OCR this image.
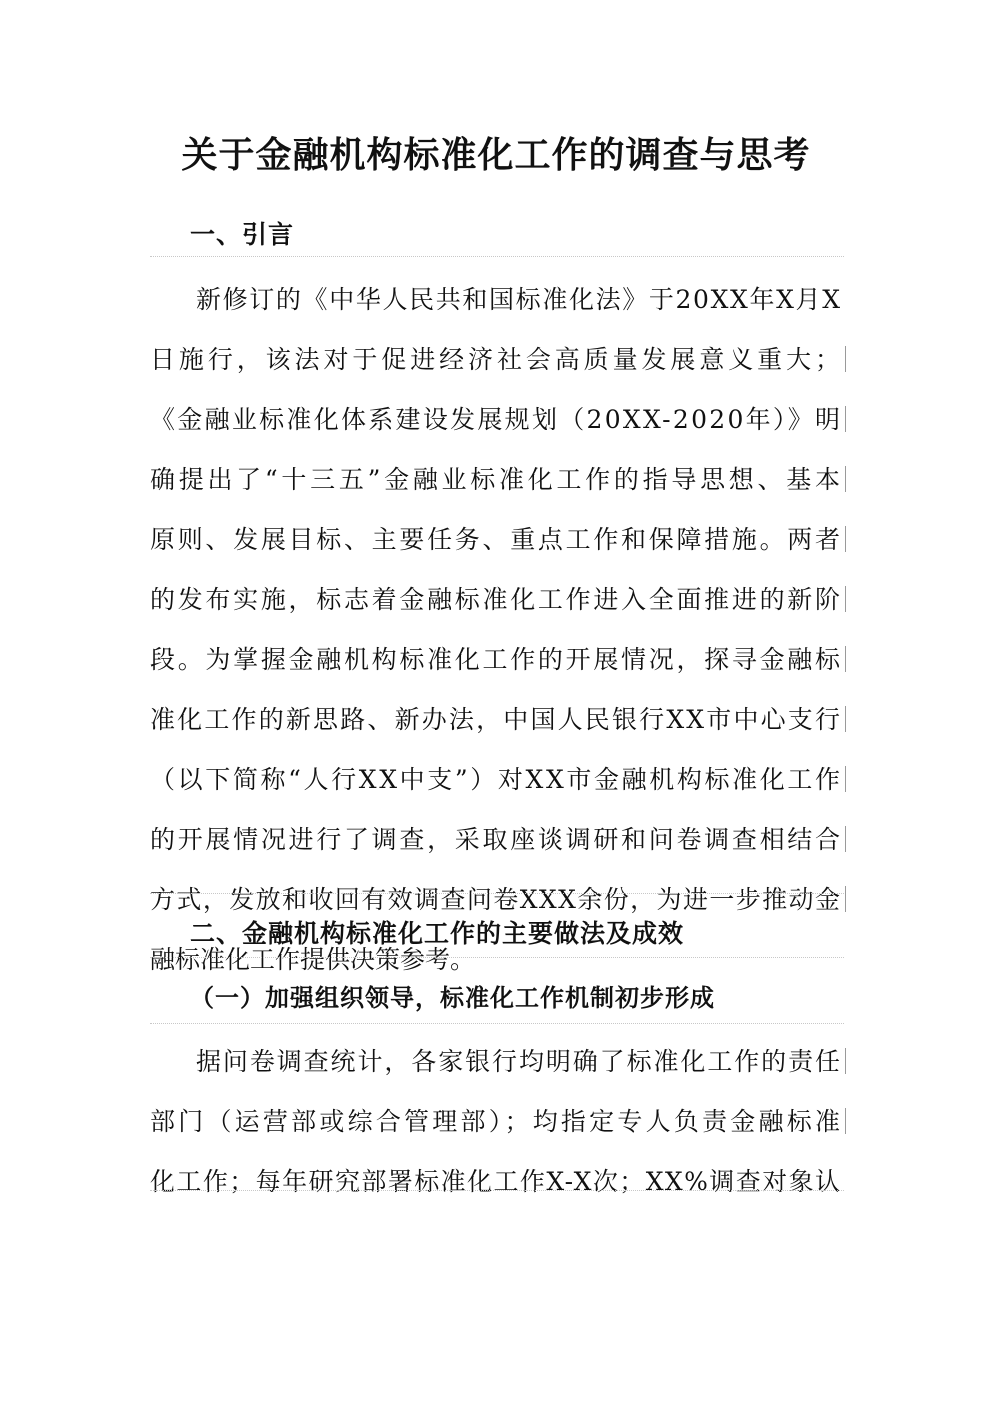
关于金融机构标准化工作的调查与思考
一、引言
新修订的《中华人民共和国标准化法》于20XX年X月X
日施行，该法对于促进经济社会高质量发展意义重大；
《金融业标准化体系建设发展规划（20XX-2020年）》明
确提出了“十三五”金融业标准化工作的指导思想、基本
原则、发展目标、主要任务、重点工作和保障措施。两者
的发布实施，标志着金融标准化工作进入全面推进的新阶
段。为掌握金融机构标准化工作的开展情况，探寻金融标
准化工作的新思路、新办法，中国人民银行XX市中心支行
（以下简称“人行XX中支”）对XX市金融机构标准化工作
的开展情况进行了调查，采取座谈调研和问卷调查相结合
方式，发放和收回有效调查问卷XXX余份，为进一步推动金
融标准化工作提供决策参考。
二、金融机构标准化工作的主要做法及成效
（一）加强组织领导，标准化工作机制初步形成
据问卷调查统计，各家银行均明确了标准化工作的责任
部门（运营部或综合管理部）；均指定专人负责金融标准
化工作；每年研究部署标准化工作X-X次；XX%调查对象认
